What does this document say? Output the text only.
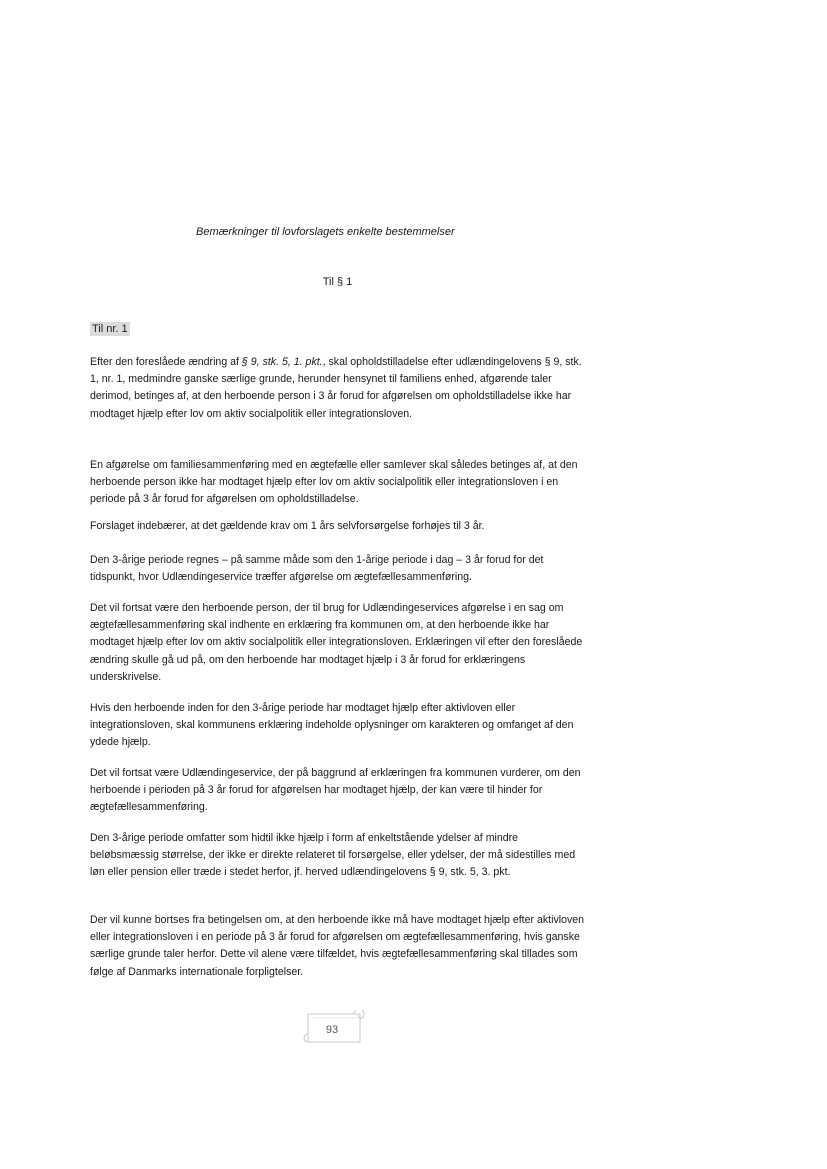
Bemærkninger til lovforslagets enkelte bestemmelser
Til § 1
Til nr. 1

Efter den foreslåede ændring af § 9, stk. 5, 1. pkt., skal opholdstilladelse efter udlændingelovens § 9, stk. 1, nr. 1, medmindre ganske særlige grunde, herunder hensynet til familiens enhed, afgørende taler derimod, betinges af, at den herboende person i 3 år forud for afgørelsen om opholdstilladelse ikke har modtaget hjælp efter lov om aktiv socialpolitik eller integrationsloven.

En afgørelse om familiesammenføring med en ægtefælle eller samlever skal således betinges af, at den herboende person ikke har modtaget hjælp efter lov om aktiv socialpolitik eller integrationsloven i en periode på 3 år forud for afgørelsen om opholdstilladelse.

Forslaget indebærer, at det gældende krav om 1 års selvforsørgelse forhøjes til 3 år.

Den 3-årige periode regnes – på samme måde som den 1-årige periode i dag – 3 år forud for det tidspunkt, hvor Udlændingeservice træffer afgørelse om ægtefællesammenføring.

Det vil fortsat være den herboende person, der til brug for Udlændingeservices afgørelse i en sag om ægtefællesammenføring skal indhente en erklæring fra kommunen om, at den herboende ikke har modtaget hjælp efter lov om aktiv socialpolitik eller integrationsloven. Erklæringen vil efter den foreslåede ændring skulle gå ud på, om den herboende har modtaget hjælp i 3 år forud for erklæringens underskrivelse.

Hvis den herboende inden for den 3-årige periode har modtaget hjælp efter aktivloven eller integrationsloven, skal kommunens erklæring indeholde oplysninger om karakteren og omfanget af den ydede hjælp.

Det vil fortsat være Udlændingeservice, der på baggrund af erklæringen fra kommunen vurderer, om den herboende i perioden på 3 år forud for afgørelsen har modtaget hjælp, der kan være til hinder for ægtefællesammenføring.

Den 3-årige periode omfatter som hidtil ikke hjælp i form af enkeltstående ydelser af mindre beløbsmæssig størrelse, der ikke er direkte relateret til forsørgelse, eller ydelser, der må sidestilles med løn eller pension eller træde i stedet herfor, jf. herved udlændingelovens § 9, stk. 5, 3. pkt.

Der vil kunne bortses fra betingelsen om, at den herboende ikke må have modtaget hjælp efter aktivloven eller integrationsloven i en periode på 3 år forud for afgørelsen om ægtefællesammenføring, hvis ganske særlige grunde taler herfor. Dette vil alene være tilfældet, hvis ægtefællesammenføring skal tillades som følge af Danmarks internationale forpligtelser.

93
